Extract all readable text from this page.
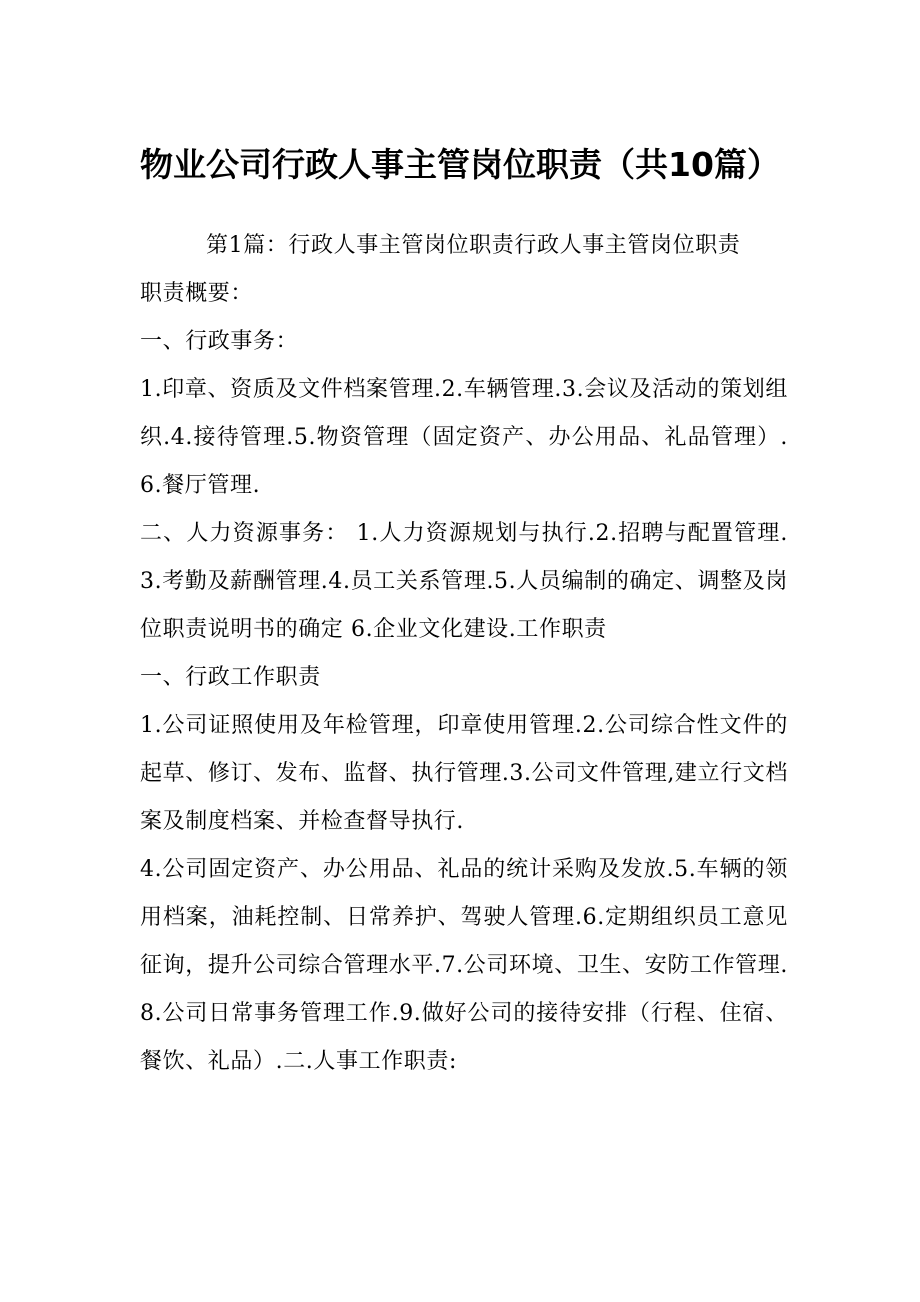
物业公司行政人事主管岗位职责（共10篇）

第1篇：行政人事主管岗位职责行政人事主管岗位职责

职责概要：

一、行政事务：

1.印章、资质及文件档案管理.2.车辆管理.3.会议及活动的策划组织.4.接待管理.5.物资管理（固定资产、办公用品、礼品管理）.6.餐厅管理.

二、人力资源事务： 1.人力资源规划与执行.2.招聘与配置管理.3.考勤及薪酬管理.4.员工关系管理.5.人员编制的确定、调整及岗位职责说明书的确定 6.企业文化建设.工作职责

一、行政工作职责

1.公司证照使用及年检管理，印章使用管理.2.公司综合性文件的起草、修订、发布、监督、执行管理.3.公司文件管理,建立行文档案及制度档案、并检查督导执行.

4.公司固定资产、办公用品、礼品的统计采购及发放.5.车辆的领用档案，油耗控制、日常养护、驾驶人管理.6.定期组织员工意见征询，提升公司综合管理水平.7.公司环境、卫生、安防工作管理.8.公司日常事务管理工作.9.做好公司的接待安排（行程、住宿、餐饮、礼品）.二.人事工作职责:
